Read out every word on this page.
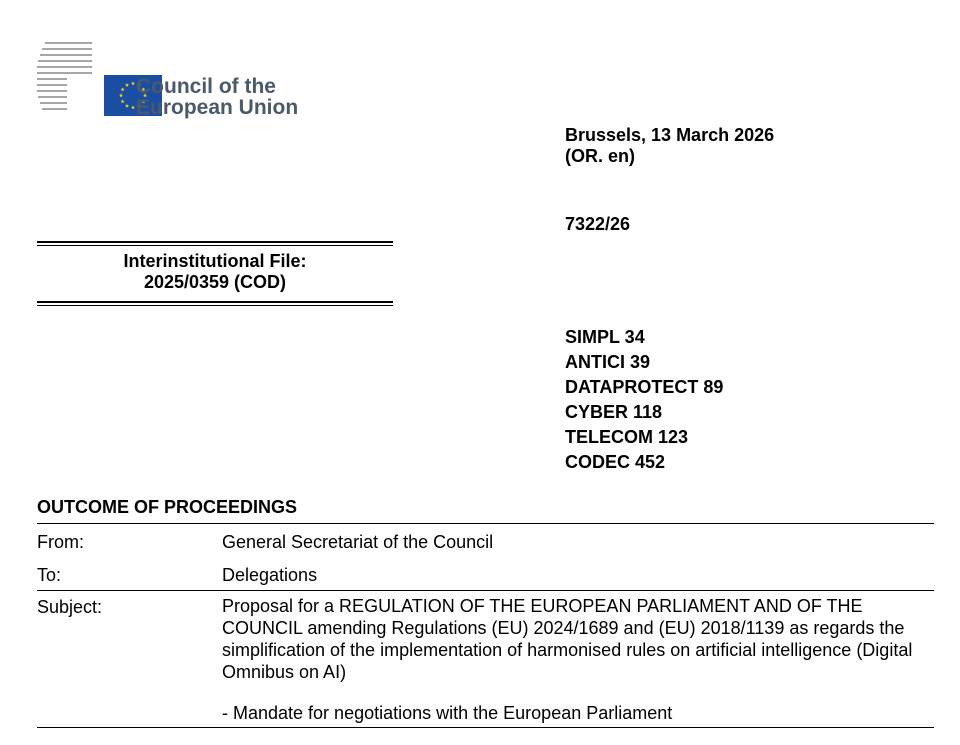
Council of the
European Union
Brussels, 13 March 2026
(OR. en)
7322/26
Interinstitutional File:
2025/0359 (COD)
SIMPL 34
ANTICI 39
DATAPROTECT 89
CYBER 118
TELECOM 123
CODEC 452
OUTCOME OF PROCEEDINGS
From:	General Secretariat of the Council
To:	Delegations
Subject:	Proposal for a REGULATION OF THE EUROPEAN PARLIAMENT AND OF THE COUNCIL amending Regulations (EU) 2024/1689 and (EU) 2018/1139 as regards the simplification of the implementation of harmonised rules on artificial intelligence (Digital Omnibus on AI)
- Mandate for negotiations with the European Parliament
